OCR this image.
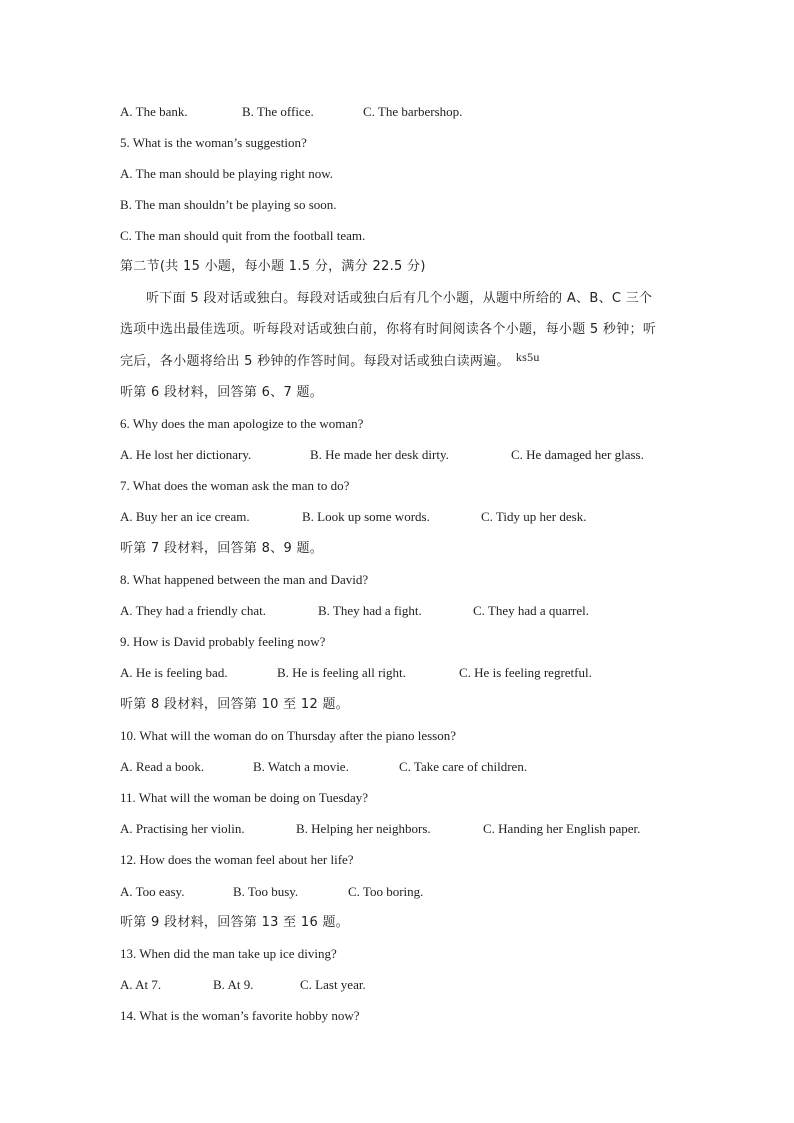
A. The bank.	B. The office.	C. The barbershop.
5. What is the woman’s suggestion?
A. The man should be playing right now.
B. The man shouldn’t be playing so soon.
C. The man should quit from the football team.
第二节(共 15 小题，每小题 1.5 分，满分 22.5 分)
听下面 5 段对话或独白。每段对话或独白后有几个小题，从题中所给的 A、B、C 三个
选项中选出最佳选项。听每段对话或独白前，你将有时间阅读各个小题，每小题 5 秒钟；听
完后，各小题将给出 5 秒钟的作答时间。每段对话或独白读两遍。 ks5u
听第 6 段材料，回答第 6、7 题。
6. Why does the man apologize to the woman?
A. He lost her dictionary.	B. He made her desk dirty.	C. He damaged her glass.
7. What does the woman ask the man to do?
A. Buy her an ice cream.	B. Look up some words.	C. Tidy up her desk.
听第 7 段材料，回答第 8、9 题。
8. What happened between the man and David?
A. They had a friendly chat.	B. They had a fight.	C. They had a quarrel.
9. How is David probably feeling now?
A. He is feeling bad.	B. He is feeling all right.	C. He is feeling regretful.
听第 8 段材料，回答第 10 至 12 题。
10. What will the woman do on Thursday after the piano lesson?
A. Read a book.	B. Watch a movie.	C. Take care of children.
11. What will the woman be doing on Tuesday?
A. Practising her violin.	B. Helping her neighbors.	C. Handing her English paper.
12. How does the woman feel about her life?
A. Too easy.	B. Too busy.	C. Too boring.
听第 9 段材料，回答第 13 至 16 题。
13. When did the man take up ice diving?
A. At 7.	B. At 9.	C. Last year.
14. What is the woman’s favorite hobby now?
